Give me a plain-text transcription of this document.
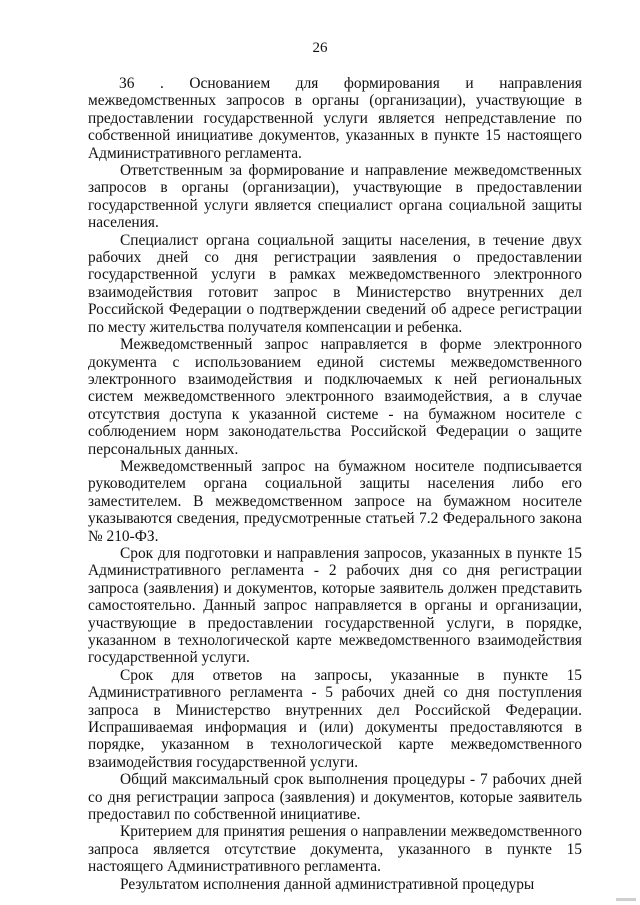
26

36 . Основанием для формирования и направления межведомственных запросов в органы (организации), участвующие в предоставлении государственной услуги является непредставление по собственной инициативе документов, указанных в пункте 15 настоящего Административного регламента.

Ответственным за формирование и направление межведомственных запросов в органы (организации), участвующие в предоставлении государственной услуги является специалист органа социальной защиты населения.

Специалист органа социальной защиты населения, в течение двух рабочих дней со дня регистрации заявления о предоставлении государственной услуги в рамках межведомственного электронного взаимодействия готовит запрос в Министерство внутренних дел Российской Федерации о подтверждении сведений об адресе регистрации по месту жительства получателя компенсации и ребенка.

Межведомственный запрос направляется в форме электронного документа с использованием единой системы межведомственного электронного взаимодействия и подключаемых к ней региональных систем межведомственного электронного взаимодействия, а в случае отсутствия доступа к указанной системе - на бумажном носителе с соблюдением норм законодательства Российской Федерации о защите персональных данных.

Межведомственный запрос на бумажном носителе подписывается руководителем органа социальной защиты населения либо его заместителем. В межведомственном запросе на бумажном носителе указываются сведения, предусмотренные статьей 7.2 Федерального закона № 210-ФЗ.

Срок для подготовки и направления запросов, указанных в пункте 15 Административного регламента - 2 рабочих дня со дня регистрации запроса (заявления) и документов, которые заявитель должен представить самостоятельно. Данный запрос направляется в органы и организации, участвующие в предоставлении государственной услуги, в порядке, указанном в технологической карте межведомственного взаимодействия государственной услуги.

Срок для ответов на запросы, указанные в пункте 15 Административного регламента - 5 рабочих дней со дня поступления запроса в Министерство внутренних дел Российской Федерации. Испрашиваемая информация и (или) документы предоставляются в порядке, указанном в технологической карте межведомственного взаимодействия государственной услуги.

Общий максимальный срок выполнения процедуры - 7 рабочих дней со дня регистрации запроса (заявления) и документов, которые заявитель предоставил по собственной инициативе.

Критерием для принятия решения о направлении межведомственного запроса является отсутствие документа, указанного в пункте 15 настоящего Административного регламента.

Результатом исполнения данной административной процедуры
